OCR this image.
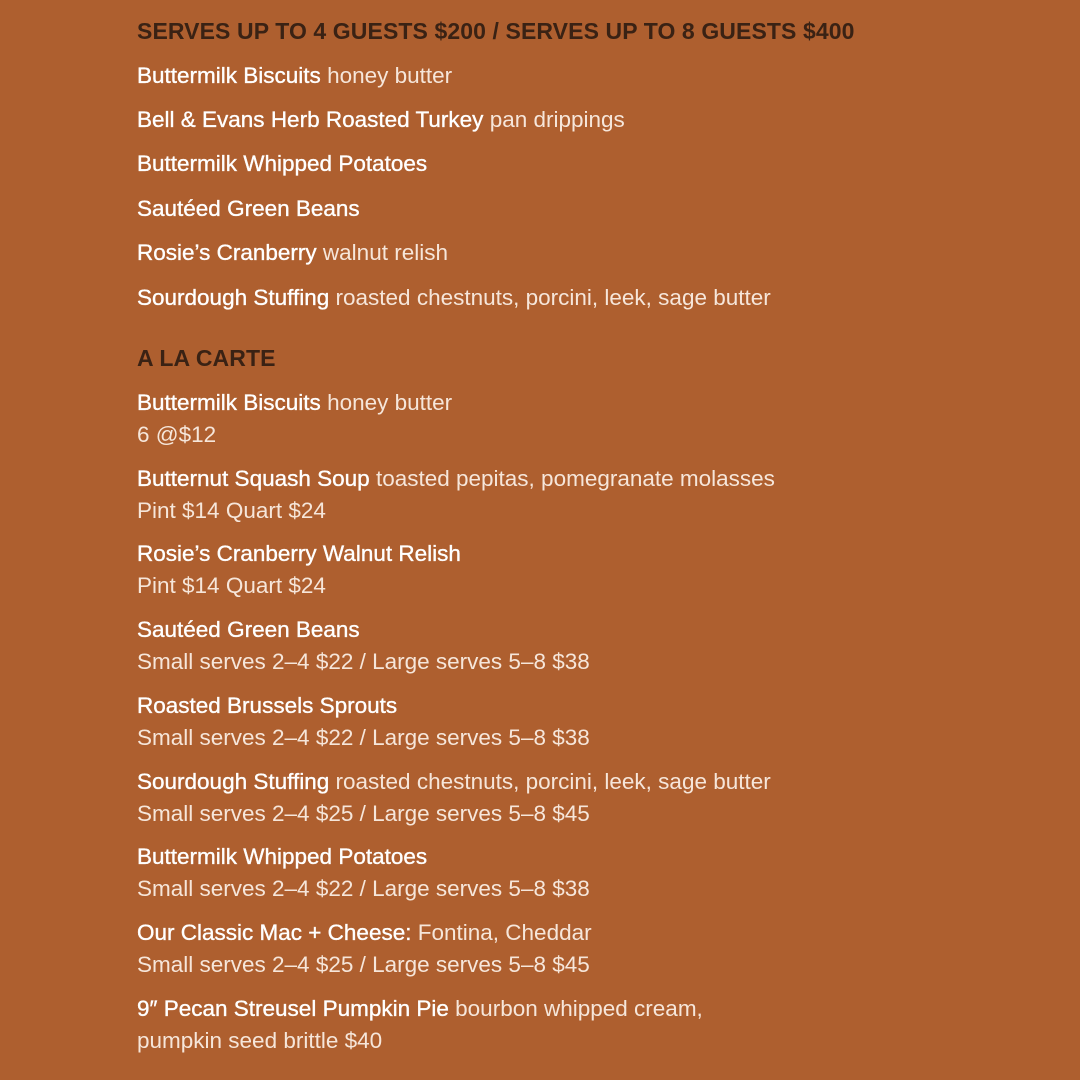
SERVES UP TO 4 GUESTS $200 / SERVES UP TO 8 GUESTS $400
Buttermilk Biscuits honey butter
Bell & Evans Herb Roasted Turkey pan drippings
Buttermilk Whipped Potatoes
Sautéed Green Beans
Rosie’s Cranberry walnut relish
Sourdough Stuffing roasted chestnuts, porcini, leek, sage butter
A LA CARTE
Buttermilk Biscuits honey butter
6 @$12
Butternut Squash Soup toasted pepitas, pomegranate molasses
Pint $14 Quart $24
Rosie’s Cranberry Walnut Relish
Pint $14 Quart $24
Sautéed Green Beans
Small serves 2–4 $22 / Large serves 5–8 $38
Roasted Brussels Sprouts
Small serves 2–4 $22 / Large serves 5–8 $38
Sourdough Stuffing roasted chestnuts, porcini, leek, sage butter
Small serves 2–4 $25 / Large serves 5–8 $45
Buttermilk Whipped Potatoes
Small serves 2–4 $22 / Large serves 5–8 $38
Our Classic Mac + Cheese: Fontina, Cheddar
Small serves 2–4 $25 / Large serves 5–8 $45
9″ Pecan Streusel Pumpkin Pie bourbon whipped cream,
pumpkin seed brittle $40
